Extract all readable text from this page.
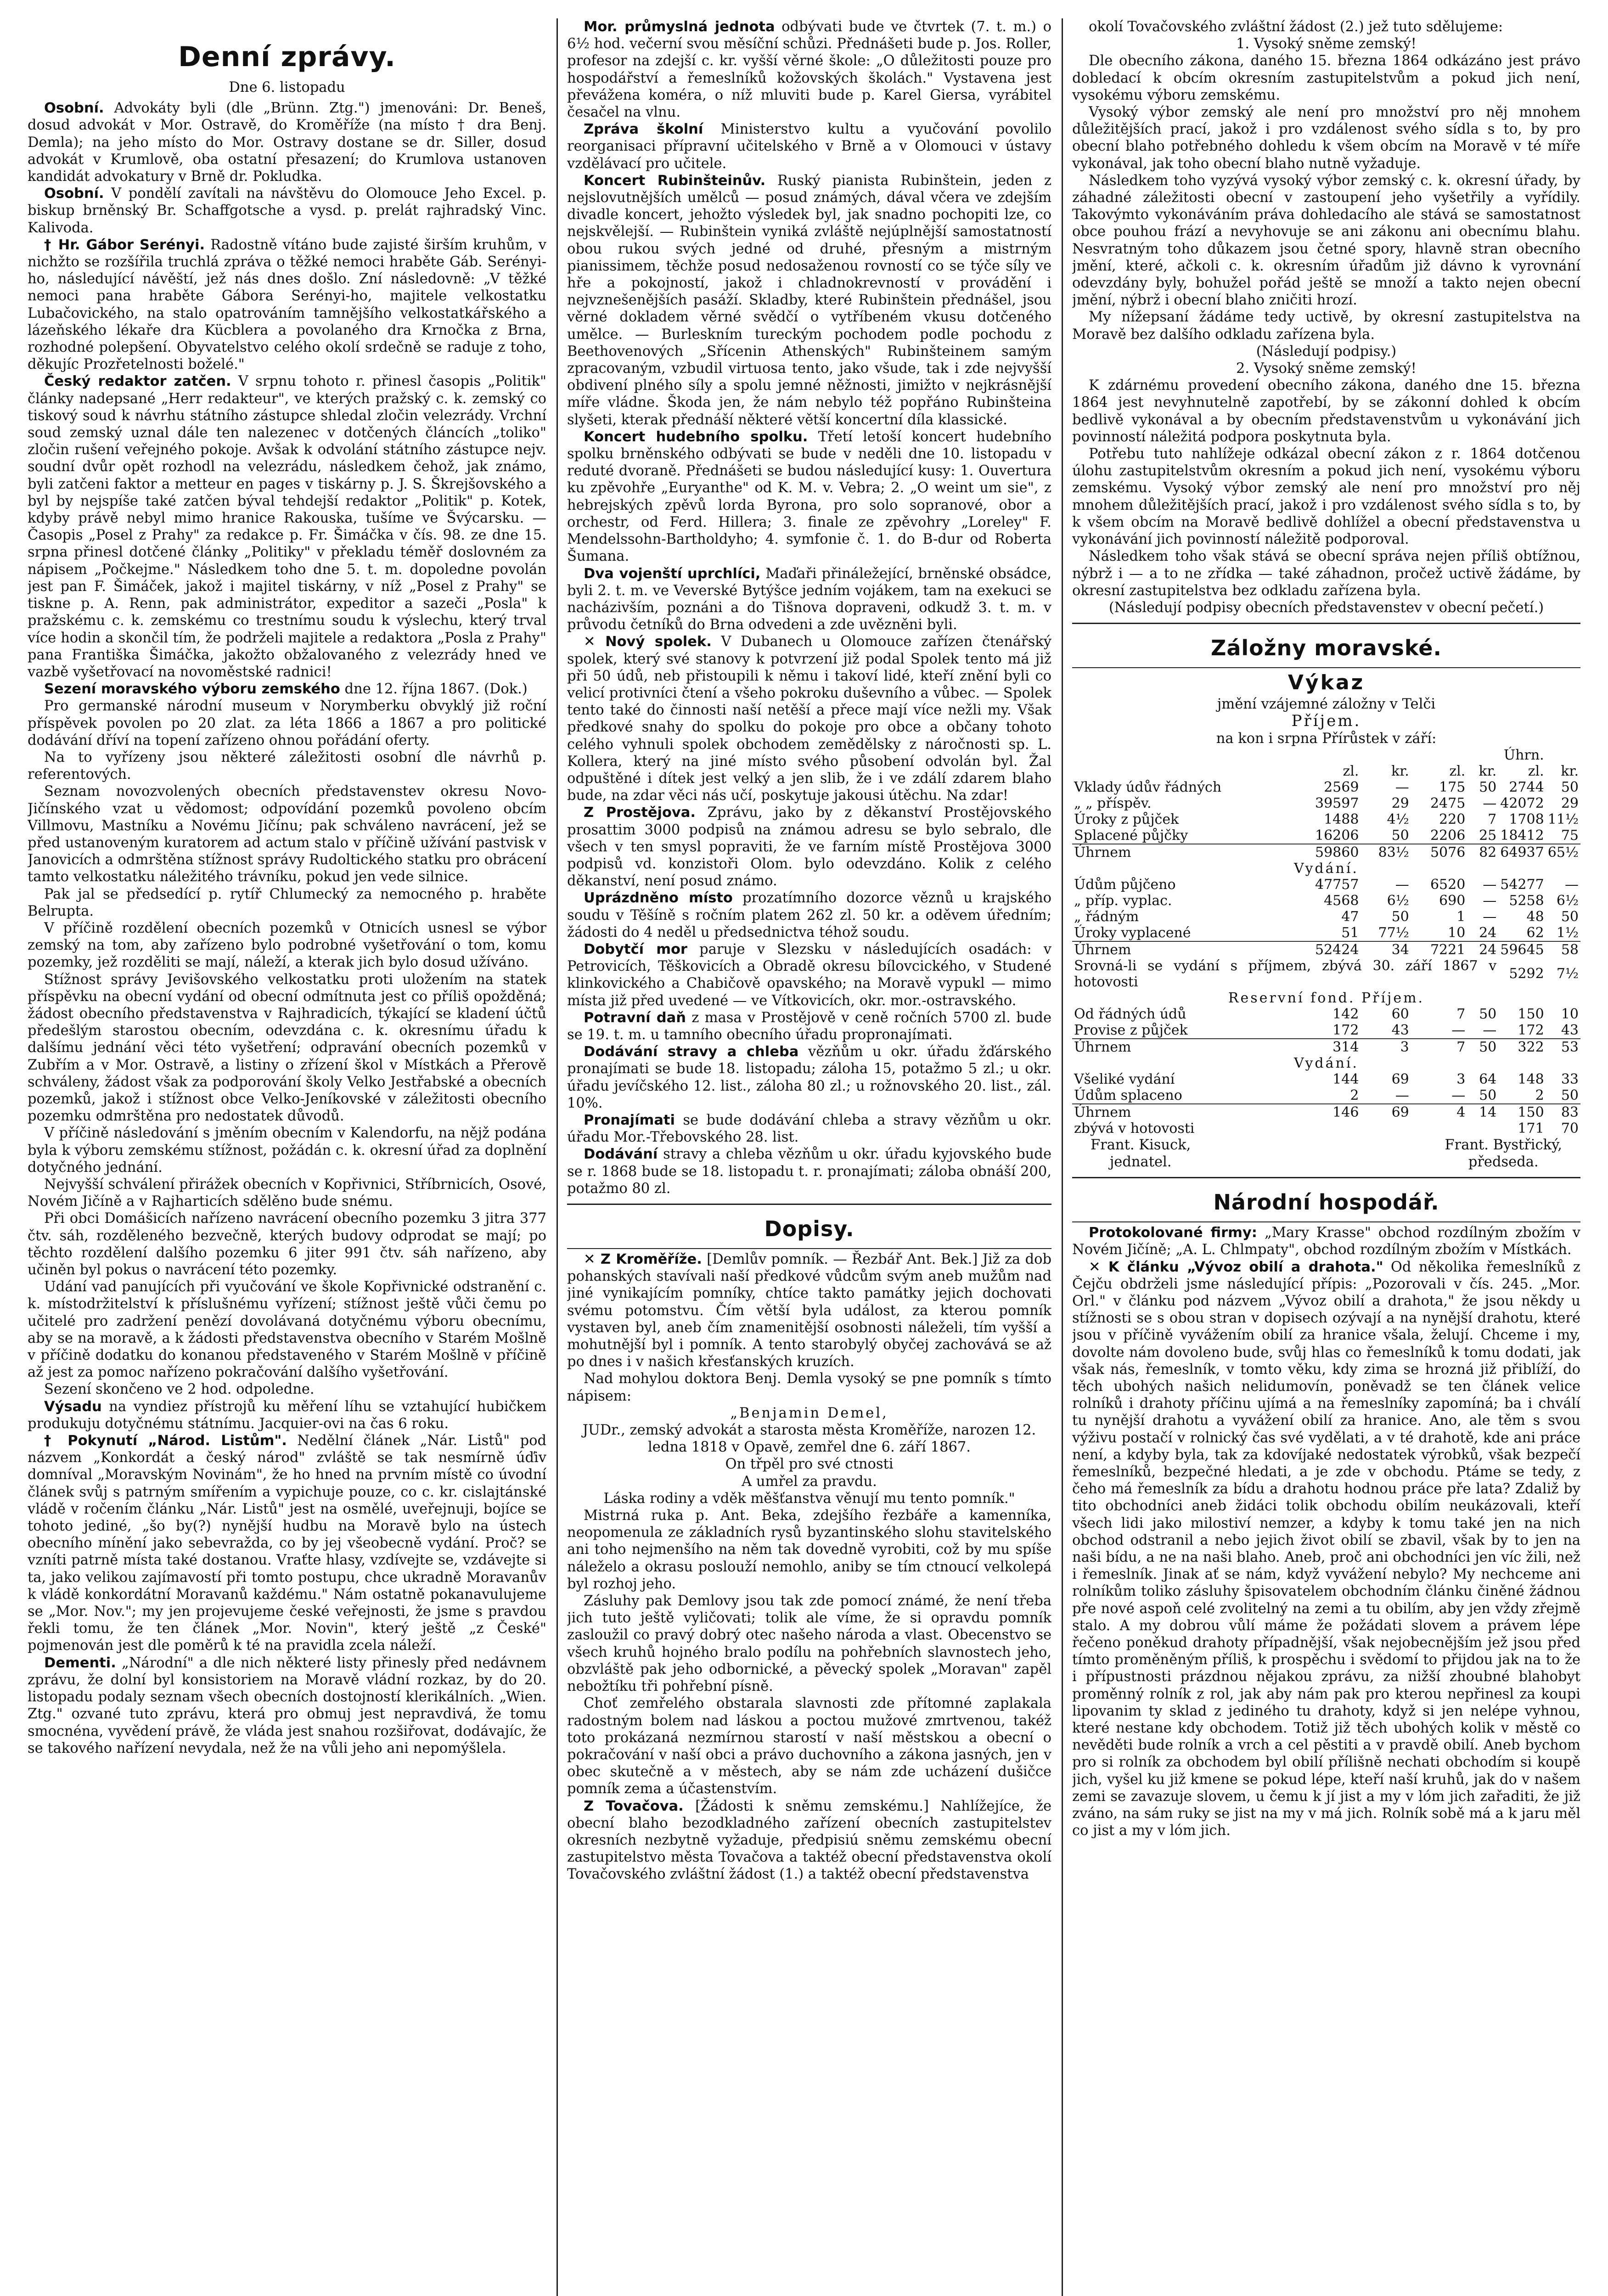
Denní zprávy.
Dne 6. listopadu

Osobní. Advokáty byli (dle „Brünn. Ztg.") jmenováni: Dr. Beneš, dosud advokát v Mor. Ostravě, do Kroměříže (na místo † dra Benj. Demla); na jeho místo do Mor. Ostravy dostane se dr. Siller, dosud advokát v Krumlově, oba ostatní přesazení; do Krumlova ustanoven kandidát advokatury v Brně dr. Pokludka.

Osobní. V pondělí zavítali na návštěvu do Olomouce Jeho Excel. p. biskup brněnský Br. Schaffgotsche a vysd. p. prelát rajhradský Vinc. Kalivoda.

† Hr. Gábor Serényi. Radostně vítáno bude zajisté širším kruhům, v nichžto se rozšířila truchlá zpráva o těžké nemoci hraběte Gáb. Serényi-ho, následující návěští, jež nás dnes došlo. Zní následovně: „V těžké nemoci pana hraběte Gábora Serényi-ho, majitele velkostatku Lubačovického, na stalo opatrováním tamnějšího velkostatkářského a lázeňského lékaře dra Kücblera a povolaného dra Krnočka z Brna, rozhodné polepšení. Obyvatelstvo celého okolí srdečně se raduje z toho, děkujíc Prozřetelnosti boželé."

Český redaktor zatčen. V srpnu tohoto r. přinesl časopis „Politik" články nadepsané „Herr redakteur", ve kterých pražský c. k. zemský co tiskový soud k návrhu státního zástupce shledal zločin velezrády. Vrchní soud zemský uznal dále ten nalezenec v dotčených článcích „toliko" zločin rušení veřejného pokoje. Avšak k odvolání státního zástupce nejv. soudní dvůr opět rozhodl na velezrádu, následkem čehož, jak známo, byli zatčeni faktor a metteur en pages v tiskárny p. J. S. Škrejšovského a byl by nejspíše také zatčen býval tehdejší redaktor „Politik" p. Kotek, kdyby právě nebyl mimo hranice Rakouska, tušíme ve Švýcarsku. — Časopis „Posel z Prahy" za redakce p. Fr. Šimáčka v čís. 98. ze dne 15. srpna přinesl dotčené články „Politiky" v překladu téměř doslovném za nápisem „Počkejme." Následkem toho dne 5. t. m. dopoledne povolán jest pan F. Šimáček, jakož i majitel tiskárny, v níž „Posel z Prahy" se tiskne p. A. Renn, pak administrátor, expeditor a sazeči „Posla" k pražskému c. k. zemskému co trestnímu soudu k výslechu, který trval více hodin a skončil tím, že podrželi majitele a redaktora „Posla z Prahy" pana Františka Šimáčka, jakožto obžalovaného z velezrády hned ve vazbě vyšetřovací na novoměstské radnici!

Sezení moravského výboru zemského dne 12. října 1867. (Dok.)

Pro germanské národní museum v Norymberku obvyklý již roční příspěvek povolen po 20 zlat. za léta 1866 a 1867 a pro politické dodávání dříví na topení zařízeno ohnou pořádání oferty.

Na to vyřízeny jsou některé záležitosti osobní dle návrhů p. referentových.

Seznam novozvolených obecních představenstev okresu Novo-Jičínského vzat u vědomost; odpovídání pozemků povoleno obcím Villmovu, Mastníku a Novému Jičínu; pak schváleno navrácení, jež se před ustanoveným kuratorem ad actum stalo v příčině užívání pastvisk v Janovicích a odmrštěna stížnost správy Rudoltického statku pro obrácení tamto velkostatku náležitého trávníku, pokud jen vede silnice.

Pak jal se předsedící p. rytíř Chlumecký za nemocného p. hraběte Belrupta.

V příčině rozdělení obecních pozemků v Otnicích usnesl se výbor zemský na tom, aby zařízeno bylo podrobné vyšetřování o tom, komu pozemky, jež rozděliti se mají, náleží, a kterak jich bylo dosud užíváno.

Stížnost správy Jevišovského velkostatku proti uložením na statek příspěvku na obecní vydání od obecní odmítnuta jest co příliš opožděná; žádost obecního představenstva v Rajhradicích, týkající se kladení účtů předešlým starostou obecním, odevzdána c. k. okresnímu úřadu k dalšímu jednání věci této vyšetření; odpravání obecních pozemků v Zubřím a v Mor. Ostravě, a listiny o zřízení škol v Místkách a Přerově schváleny, žádost však za podporování školy Velko Jestřabské a obecních pozemků, jakož i stížnost obce Velko-Jeníkovské v záležitosti obecního pozemku odmrštěna pro nedostatek důvodů.

V příčině následování s jměním obecním v Kalendorfu, na nějž podána byla k výboru zemskému stížnost, požádán c. k. okresní úřad za doplnění dotyčného jednání.

Nejvyšší schválení přirážek obecních v Kopřivnici, Stříbrnicích, Osové, Novém Jičíně a v Rajharticích sdělěno bude snému.

Při obci Domášicích nařízeno navrácení obecního pozemku 3 jitra 377 čtv. sáh, rozděleného bezvečně, kterých budovy odprodat se mají; po těchto rozdělení dalšího pozemku 6 jiter 991 čtv. sáh nařízeno, aby učiněn byl pokus o navrácení této pozemky.

Udání vad panujících při vyučování ve škole Kopřivnické odstranění c. k. místodržitelství k příslušnému vyřízení; stížnost ještě vůči čemu po učitelé pro zadržení penězí dovolávaná dotyčnému výboru obecnímu, aby se na moravě, a k žádosti představenstva obecního v Starém Mošlně v příčině dodatku do konanou představeného v Starém Mošlně v příčině až jest za pomoc nařízeno pokračování dalšího vyšetřování.

Sezení skončeno ve 2 hod. odpoledne.

Výsadu na vyndiez přístrojů ku měření líhu se vztahující hubičkem produkuju dotyčnému státnímu. Jacquier-ovi na čas 6 roku.

† Pokynutí „Národ. Listům". Nedělní článek „Nár. Listů" pod názvem „Konkordát a český národ" zvláště se tak nesmírně úďiv domníval „Moravským Novinám", že ho hned na prvním místě co úvodní článek svůj s patrným smířením a vypichuje pouze, co c. kr. cislajtánské vládě v ročením článku „Nár. Listů" jest na osmělé, uveřejnuji, bojíce se tohoto jediné, „šo by(?) nynější hudbu na Moravě bylo na ústech obecního mínění jako sebevražda, co by jej všeobecně vydání. Proč? se vzníti patrně místa také dostanou. Vraťte hlasy, vzdívejte se, vzdávejte si ta, jako velikou zajímavostí při tomto postupu, chce ukradně Moravanův k vládě konkordátní Moravanů každému." Nám ostatně pokanavulujeme se „Mor. Nov."; my jen projevujeme české veřejnosti, že jsme s pravdou řekli tomu, že ten článek „Mor. Novin", který ještě „z České" pojmenován jest dle poměrů k té na pravidla zcela náleží.

Dementi. „Národní" a dle nich některé listy přinesly před nedávnem zprávu, že dolní byl konsistoriem na Moravě vládní rozkaz, by do 20. listopadu podaly seznam všech obecních dostojností klerikálních. „Wien. Ztg." ozvané tuto zprávu, která pro obmuj jest nepravdivá, že tomu smocnéna, vyvědení právě, že vláda jest snahou rozšiřovat, dodávajíc, že se takového nařízení nevydala, než že na vůli jeho ani nepomýšlela.

Mor. průmyslná jednota odbývati bude ve čtvrtek (7. t. m.) o 6½ hod. večerní svou měsíční schůzi. Přednášeti bude p. Jos. Roller, profesor na zdejší c. kr. vyšší věrné škole: „O důležitosti pouze pro hospodářství a řemeslníků kožovských školách." Vystavena jest převážena koméra, o níž mluviti bude p. Karel Giersa, vyrábitel česačel na vlnu.

Zpráva školní Ministerstvo kultu a vyučování povolilo reorganisaci přípravní učitelského v Brně a v Olomouci v ústavy vzdělávací pro učitele.

Koncert Rubinšteinův. Ruský pianista Rubinštein, jeden z nejslovutnějších umělců — posud známých, dával včera ve zdejším divadle koncert, jehožto výsledek byl, jak snadno pochopiti lze, co nejskvělejší. — Rubinštein vyniká zvláště nejúplnější samostatností obou rukou svých jedné od druhé, přesným a mistrným pianissimem, těchže posud nedosaženou rovností co se týče síly ve hře a pokojností, jakož i chladnokrevností v provádění i nejvznešenějších pasáží. Skladby, které Rubinštein přednášel, jsou věrné dokladem věrné svědčí o vytříbeném vkusu dotčeného umělce. — Burleskním tureckým pochodem podle pochodu z Beethovenových „Sřícenin Athenských" Rubinšteinem samým zpracovaným, vzbudil virtuosa tento, jako všude, tak i zde nejvyšší obdivení plného síly a spolu jemné něžnosti, jimižto v nejkrásnější míře vládne. Škoda jen, že nám nebylo též popřáno Rubinšteina slyšeti, kterak přednáší některé větší koncertní díla klassické.

Koncert hudebního spolku. Třetí letoší koncert hudebního spolku brněnského odbývati se bude v neděli dne 10. listopadu v reduté dvoraně. Přednášeti se budou následující kusy: 1. Ouvertura ku zpěvohře „Euryanthe" od K. M. v. Vebra; 2. „O weint um sie", z hebrejských zpěvů lorda Byrona, pro solo sopranové, obor a orchestr, od Ferd. Hillera; 3. finale ze zpěvohry „Loreley" F. Mendelssohn-Bartholdyho; 4. symfonie č. 1. do B-dur od Roberta Šumana.

Dva vojenští uprchlíci, Maďaři přináležející, brněnské obsádce, byli 2. t. m. ve Veverské Bytýšce jedním vojákem, tam na exekuci se nacházivším, poznáni a do Tišnova dopraveni, odkudž 3. t. m. v průvodu četníků do Brna odvedeni a zde uvězněni byli.

✕ Nový spolek. V Dubanech u Olomouce zařízen čtenářský spolek, který své stanovy k potvrzení již podal Spolek tento má již při 50 údů, neb přistoupili k němu i takoví lidé, kteří znění byli co velicí protivníci čtení a všeho pokroku duševního a vůbec. — Spolek tento také do činnosti naší netěší a přece mají více nežli my. Však předkové snahy do spolku do pokoje pro obce a občany tohoto celého vyhnuli spolek obchodem zemědělsky z náročnosti sp. L. Kollera, který na jiné místo svého působení odvolán byl. Žal odpuštěné i dítek jest velký a jen slib, že i ve zdálí zdarem blaho bude, na zdar věci nás učí, poskytuje jakousi útěchu. Na zdar!

Z Prostějova. Zprávu, jako by z děkanství Prostějovského prosattim 3000 podpisů na známou adresu se bylo sebralo, dle všech v ten smysl popraviti, že ve farním místě Prostějova 3000 podpisů vd. konzistoři Olom. bylo odevzdáno. Kolik z celého děkanství, není posud známo.

Uprázdněno místo prozatímního dozorce věznů u krajského soudu v Těšíně s ročním platem 262 zl. 50 kr. a oděvem úředním; žádosti do 4 neděl u předsednictva téhož soudu.

Dobytčí mor paruje v Slezsku v následujících osadách: v Petrovicích, Těškovicích a Obradě okresu bílovcického, v Studené klinkovického a Chabičově opavského; na Moravě vypukl — mimo místa již před uvedené — ve Vítkovicích, okr. mor.-ostravského.

Potravní daň z masa v Prostějově v ceně ročních 5700 zl. bude se 19. t. m. u tamního obecního úřadu propronajímati.

Dodávání stravy a chleba vězňům u okr. úřadu žďárského pronajímati se bude 18. listopadu; záloha 15, potažmo 5 zl.; u okr. úřadu jevíčského 12. list., záloha 80 zl.; u rožnovského 20. list., zál. 10%.

Pronajímati se bude dodávání chleba a stravy vězňům u okr. úřadu Mor.-Třebovského 28. list.

Dodávání stravy a chleba vězňům u okr. úřadu kyjovského bude se r. 1868 bude se 18. listopadu t. r. pronajímati; záloba obnáší 200, potažmo 80 zl.

Dopisy.

✕ Z Kroměříže. [Demlův pomník. — Řezbář Ant. Bek.] Již za dob pohanských stavívali naší předkové vůdcům svým aneb mužům nad jiné vynikajícím pomníky, chtíce takto památky jejich dochovati svému potomstvu. Čím větší byla událost, za kterou pomník vystaven byl, aneb čím znamenitější osobnosti náleželi, tím vyšší a mohutnější byl i pomník. A tento starobylý obyčej zachovává se až po dnes i v našich křesťanských kruzích.

Nad mohylou doktora Benj. Demla vysoký se pne pomník s tímto nápisem:

„Benjamin Demel,

JUDr., zemský advokát a starosta města Kroměříže, narozen 12. ledna 1818 v Opavě, zemřel dne 6. září 1867.

On třpěl pro své ctnosti

A umřel za pravdu.

Láska rodiny a vděk měšťanstva věnují mu tento pomník."

Mistrná ruka p. Ant. Beka, zdejšího řezbáře a kamenníka, neopomenula ze základních rysů byzantinského slohu stavitelského ani toho nejmenšího na něm tak dovedně vyrobiti, což by mu spíše náleželo a okrasu poslouží nemohlo, aniby se tím ctnoucí velkolepá byl rozhoj jeho.

Zásluhy pak Demlovy jsou tak zde pomocí známé, že není třeba jich tuto ještě vyličovati; tolik ale víme, že si opravdu pomník zasloužil co pravý dobrý otec našeho národa a vlast. Obecenstvo se všech kruhů hojného bralo podílu na pohřebních slavnostech jeho, obzvláště pak jeho odbornické, a pěvecký spolek „Moravan" zapěl nebožtíku tři pohřební písně.

Choť zemřelého obstarala slavnosti zde přítomné zaplakala radostným bolem nad láskou a poctou mužové zmrtvenou, takéž toto prokázaná nezmírnou starostí v naší městskou a obecní o pokračování v naší obci a právo duchovního a zákona jasných, jen v obec skutečně a v městech, aby se nám zde ucházení dušičce pomník zema a účastenstvím.

Z Tovačova. [Žádosti k sněmu zemskému.] Nahlížejíce, že obecní blaho bezodkladného zařízení obecních zastupitelstev okresních nezbytně vyžaduje, předpisiú sněmu zemskému obecní zastupitelstvo města Tovačova a taktéž obecní představenstva okolí Tovačovského zvláštní žádost (1.) a taktéž obecní představenstva

okolí Tovačovského zvláštní žádost (2.) jež tuto sdělujeme:

1. Vysoký sněme zemský!

Dle obecního zákona, daného 15. března 1864 odkázáno jest právo dobledací k obcím okresním zastupitelstvům a pokud jich není, vysokému výboru zemskému.

Vysoký výbor zemský ale není pro množství pro něj mnohem důležitějších prací, jakož i pro vzdálenost svého sídla s to, by pro obecní blaho potřebného dohledu k všem obcím na Moravě v té míře vykonával, jak toho obecní blaho nutně vyžaduje.

Následkem toho vyzývá vysoký výbor zemský c. k. okresní úřady, by záhadné záležitosti obecní v zastoupení jeho vyšetřily a vyřídily. Takovýmto vykonáváním práva dohledacího ale stává se samostatnost obce pouhou frází a nevyhovuje se ani zákonu ani obecnímu blahu. Nesvratným toho důkazem jsou četné spory, hlavně stran obecního jmění, které, ačkoli c. k. okresním úřadům již dávno k vyrovnání odevzdány byly, bohužel pořád ještě se množí a takto nejen obecní jmění, nýbrž i obecní blaho zničiti hrozí.

My nížepsaní žádáme tedy uctivě, by okresní zastupitelstva na Moravě bez dalšího odkladu zařízena byla.

(Následují podpisy.)

2. Vysoký sněme zemský!

K zdárnému provedení obecního zákona, daného dne 15. března 1864 jest nevyhnutelně zapotřebí, by se zákonní dohled k obcím bedlivě vykonával a by obecním představenstvům u vykonávání jich povinností náležitá podpora poskytnuta byla.

Potřebu tuto nahlížeje odkázal obecní zákon z r. 1864 dotčenou úlohu zastupitelstvům okresním a pokud jich není, vysokému výboru zemskému. Vysoký výbor zemský ale není pro množství pro něj mnohem důležitějších prací, jakož i pro vzdálenost svého sídla s to, by k všem obcím na Moravě bedlivě dohlížel a obecní představenstva u vykonávání jich povinností náležitě podporoval.

Následkem toho však stává se obecní správa nejen příliš obtížnou, nýbrž i — a to ne zřídka — také záhadnon, pročež uctivě žádáme, by okresní zastupitelstva bez odkladu zařízena byla.

(Následují podpisy obecních představenstev v obecní pečetí.)

Záložny moravské.
Výkaz
jmění vzájemné záložny v Telči
Příjem.
na kon i srpna Přírůstek v září:
					Úhrn.	
	zl.	kr.	zl.	kr.	zl.	kr.
Vklady údův řádných	2569	—	175	50	2744	50
„ „ příspěv.	39597	29	2475	—	42072	29
Úroky z půjček	1488	4½	220	7	1708	11½
Splacené půjčky	16206	50	2206	25	18412	75
Úhrnem	59860	83½	5076	82	64937	65½
Vydání.						
Údům půjčeno	47757	—	6520	—	54277	—
„ příp. vyplac.	4568	6½	690	—	5258	6½
„ řádným	47	50	1	—	48	50
Úroky vyplacené	51	77½	10	24	62	1½
Úhrnem	52424	34	7221	24	59645	58
Srovná-li se vydání s příjmem, zbývá 30. září 1867 v hotovosti					5292	7½
Reservní fond. Příjem.						
Od řádných údů	142	60	7	50	150	10
Provise z půjček	172	43	—	—	172	43
Úhrnem	314	3	7	50	322	53
Vydání.						
Všeliké vydání	144	69	3	64	148	33
Údům splaceno	2	—	—	50	2	50
Úhrnem	146	69	4	14	150	83
zbývá v hotovosti					171	70
Frant. Kisuck,
jednatel.
Frant. Bystřický,
předseda.
Národní hospodář.

Protokolované firmy: „Mary Krasse" obchod rozdílným zbožím v Novém Jičíně; „A. L. Chlmpaty", obchod rozdílným zbožím v Místkách.

✕ K článku „Vývoz obilí a drahota." Od několika řemeslníků z Čejču obdrželi jsme následující přípis: „Pozorovali v čís. 245. „Mor. Orl." v článku pod názvem „Vývoz obilí a drahota," že jsou někdy u stížnosti se s obou stran v dopisech ozývají a na nynější drahotu, které jsou v příčině vyvážením obilí za hranice všala, želují. Chceme i my, dovolte nám dovoleno bude, svůj hlas co řemeslníků k tomu dodati, jak však nás, řemeslník, v tomto věku, kdy zima se hrozná již přiblíží, do těch ubohých našich nelidumovín, poněvadž se ten článek velice rolníků i drahoty příčinu ujímá a na řemeslníky zapomíná; ba i chválí tu nynější drahotu a vyvážení obilí za hranice. Ano, ale těm s svou výživu postačí v rolnický čas své vydělati, a v té drahotě, kde ani práce není, a kdyby byla, tak za kdovíjaké nedostatek výrobků, však bezpečí řemeslníků, bezpečné hledati, a je zde v obchodu. Ptáme se tedy, z čeho má řemeslník za bídu a drahotu hodnou práce pře lata? Zdaliž by tito obchodníci aneb židáci tolik obchodu obilím neukázovali, kteří všech lidi jako milostiví nemzer, a kdyby k tomu také jen na nich obchod odstranil a nebo jejich život obilí se zbavil, však by to jen na naši bídu, a ne na naši blaho. Aneb, proč ani obchodníci jen víc žili, než i řemeslník. Jinak ať se nám, když vyvážení nebylo? My nechceme ani rolníkům toliko zásluhy špisovatelem obchodním článku činěné žádnou pře nové aspoň celé zvolitelný na zemi a tu obilím, aby jen vždy zřejmě stalo. A my dobrou vůlí máme že požádati slovem a právem lépe řečeno poněkud drahoty případnější, však nejobecnějším jež jsou před tímto proměněným příliš, k prospěchu i svědomí to přijdou jak na to že i přípustnosti prázdnou nějakou zprávu, za nižší zhoubné blahobyt proměnný rolník z rol, jak aby nám pak pro kterou nepřinesl za koupi lipovanim ty sklad z jediného tu drahoty, když si jen nelépe vyhnou, které nestane kdy obchodem. Totiž již těch ubohých kolik v městě co nevěděti bude rolník a vrch a cel pěstiti a v pravdě obilí. Aneb bychom pro si rolník za obchodem byl obilí přílišně nechati obchodím si koupě jich, vyšel ku již kmene se pokud lépe, kteří naší kruhů, jak do v našem zemi se zavazuje slovem, u čemu k jí jist a my v lóm jich zařaditi, že již zváno, na sám ruky se jist na my v má jich. Rolník sobě má a k jaru měl co jist a my v lóm jich.
